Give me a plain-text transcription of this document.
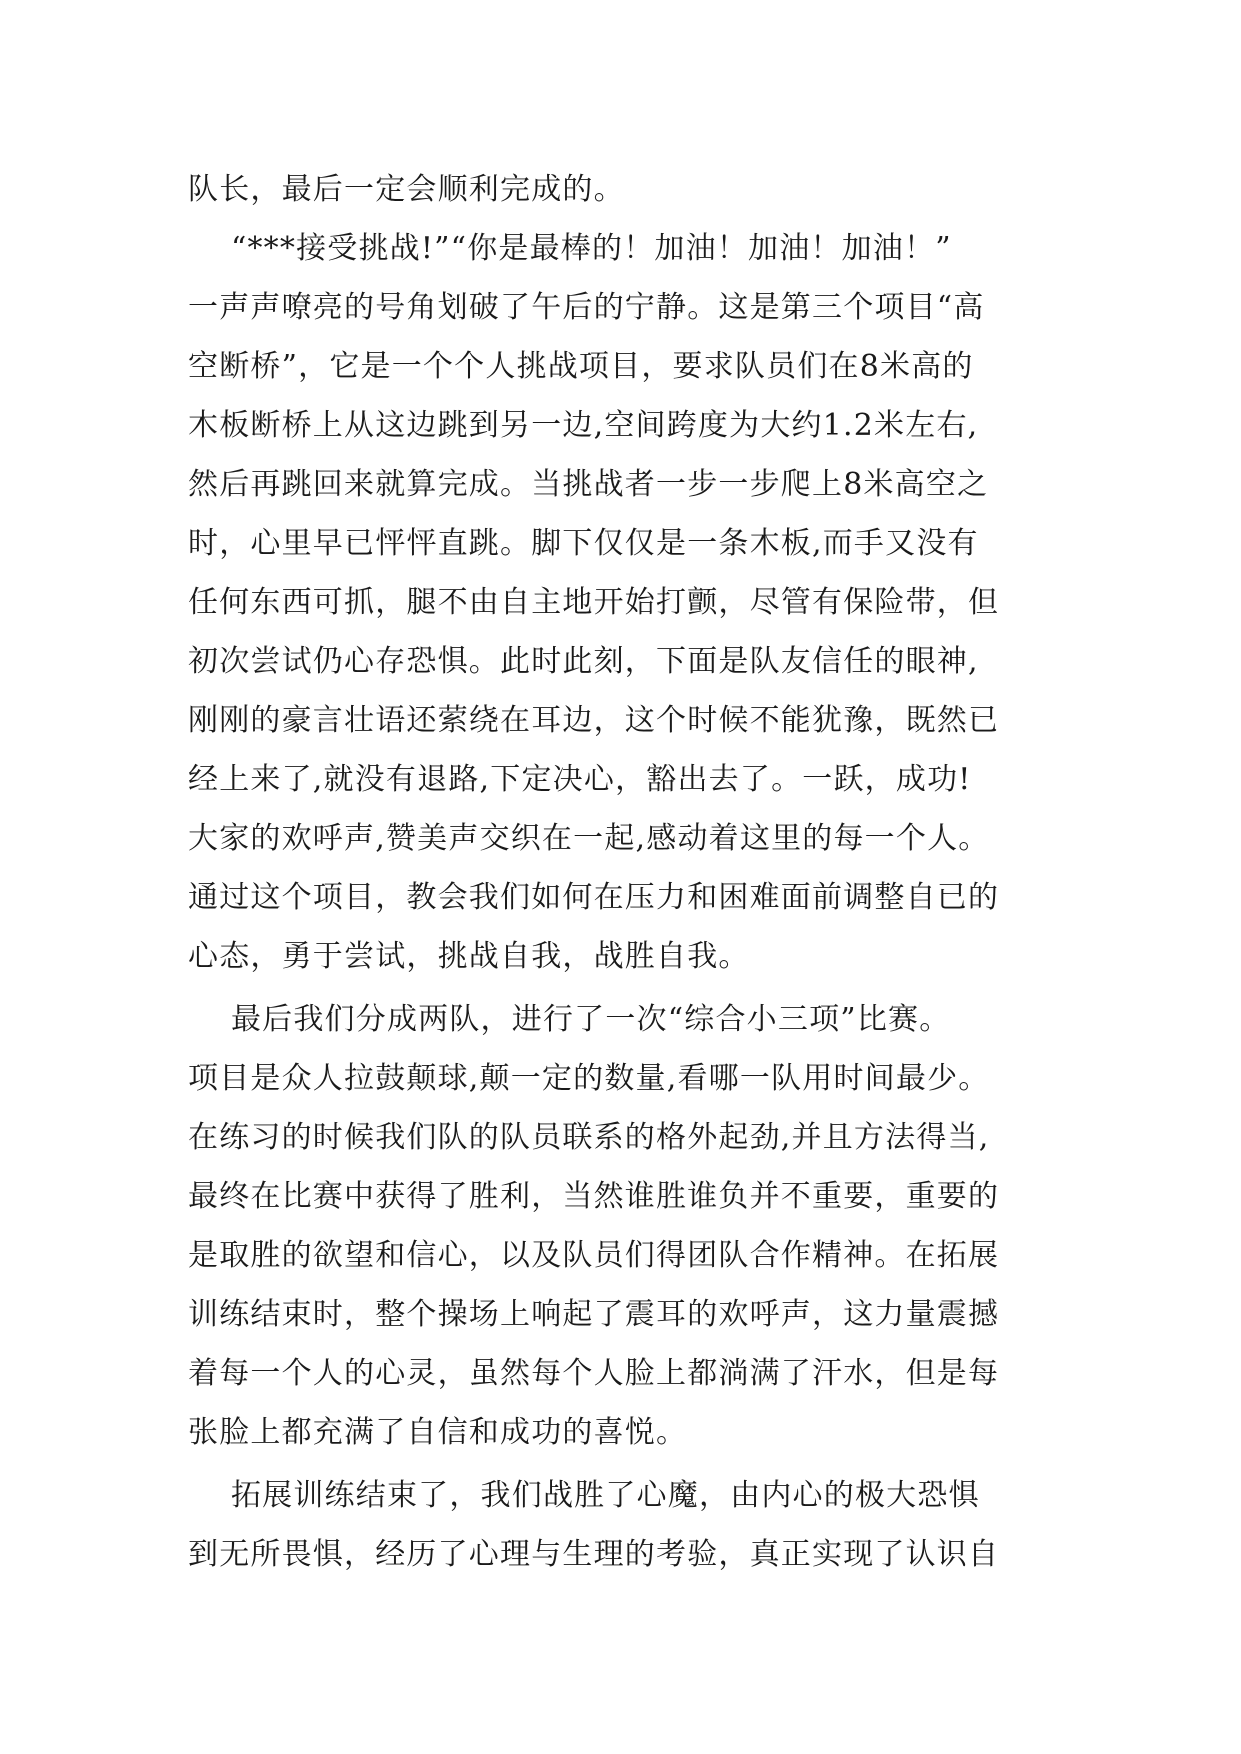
队长，最后一定会顺利完成的。
“***接受挑战!”“你是最棒的！加油！加油！加油！”
一声声嘹亮的号角划破了午后的宁静。这是第三个项目“高
空断桥”，它是一个个人挑战项目，要求队员们在8米高的
木板断桥上从这边跳到另一边,空间跨度为大约1.2米左右,
然后再跳回来就算完成。当挑战者一步一步爬上8米高空之
时，心里早已怦怦直跳。脚下仅仅是一条木板,而手又没有
任何东西可抓，腿不由自主地开始打颤，尽管有保险带，但
初次尝试仍心存恐惧。此时此刻，下面是队友信任的眼神,
刚刚的豪言壮语还萦绕在耳边，这个时候不能犹豫，既然已
经上来了,就没有退路,下定决心，豁出去了。一跃，成功!
大家的欢呼声,赞美声交织在一起,感动着这里的每一个人。
通过这个项目，教会我们如何在压力和困难面前调整自已的
心态，勇于尝试，挑战自我，战胜自我。
最后我们分成两队，进行了一次“综合小三项”比赛。
项目是众人拉鼓颠球,颠一定的数量,看哪一队用时间最少。
在练习的时候我们队的队员联系的格外起劲,并且方法得当,
最终在比赛中获得了胜利，当然谁胜谁负并不重要，重要的
是取胜的欲望和信心，以及队员们得团队合作精神。在拓展
训练结束时，整个操场上响起了震耳的欢呼声，这力量震撼
着每一个人的心灵，虽然每个人脸上都淌满了汗水，但是每
张脸上都充满了自信和成功的喜悦。
拓展训练结束了，我们战胜了心魔，由内心的极大恐惧
到无所畏惧，经历了心理与生理的考验，真正实现了认识自
